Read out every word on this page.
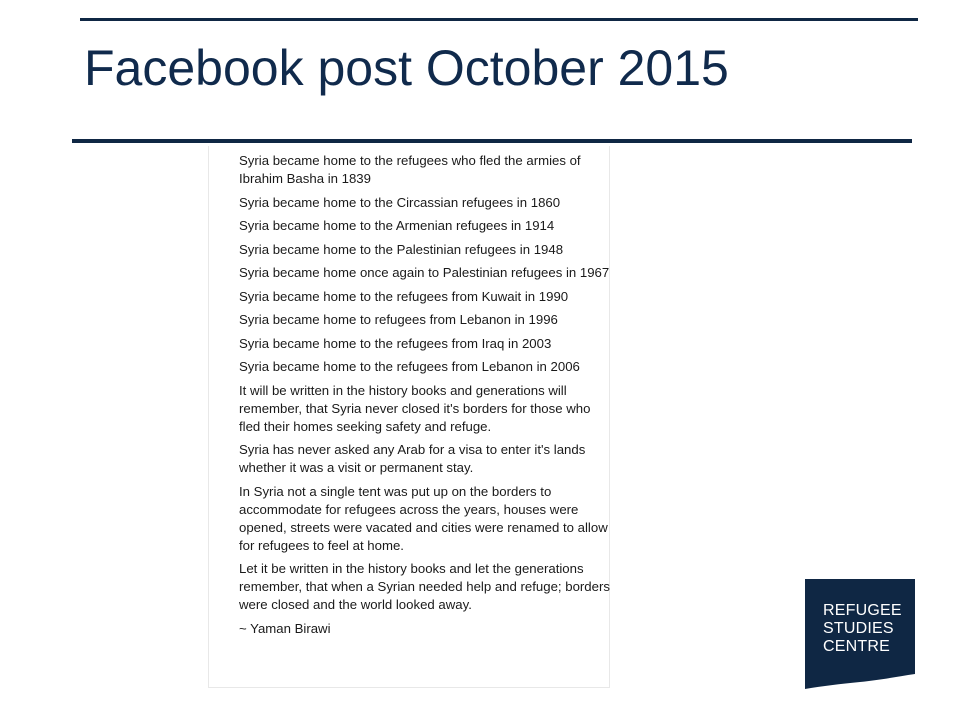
Facebook post October 2015

Syria became home to the refugees who fled the armies of Ibrahim Basha in 1839

Syria became home to the Circassian refugees in 1860

Syria became home to the Armenian refugees in 1914

Syria became home to the Palestinian refugees in 1948

Syria became home once again to Palestinian refugees in 1967

Syria became home to the refugees from Kuwait in 1990

Syria became home to refugees from Lebanon in 1996

Syria became home to the refugees from Iraq in 2003

Syria became home to the refugees from Lebanon in 2006

It will be written in the history books and generations will remember, that Syria never closed it's borders for those who fled their homes seeking safety and refuge.

Syria has never asked any Arab for a visa to enter it's lands whether it was a visit or permanent stay.

In Syria not a single tent was put up on the borders to accommodate for refugees across the years, houses were opened, streets were vacated and cities were renamed to allow for refugees to feel at home.

Let it be written in the history books and let the generations remember, that when a Syrian needed help and refuge; borders were closed and the world looked away.

~ Yaman Birawi

REFUGEE
STUDIES
CENTRE
